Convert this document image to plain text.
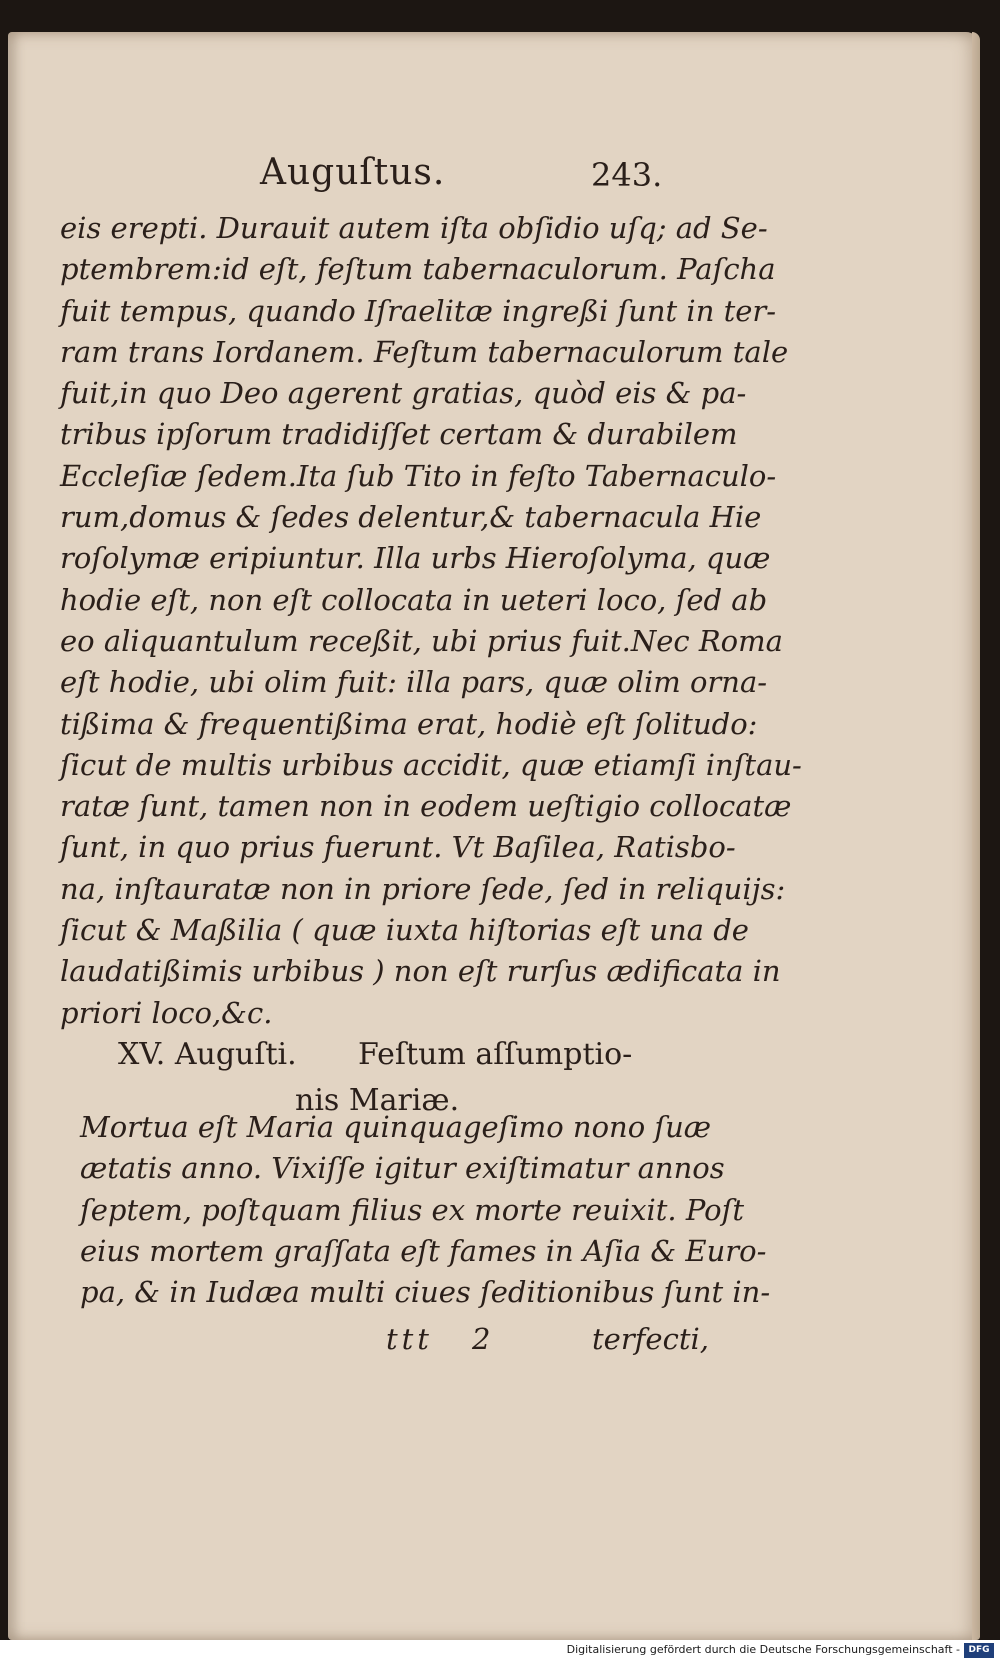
Auguſtus.	243.
eis erepti. Durauit autem iſta obſidio uſq; ad Se-
ptembrem:id eſt, feſtum tabernaculorum. Paſcha
fuit tempus, quando Iſraelitæ ingreßi ſunt in ter-
ram trans Iordanem. Feſtum tabernaculorum tale
fuit,in quo Deo agerent gratias, quòd eis & pa-
tribus ipſorum tradidiſſet certam & durabilem
Eccleſiæ ſedem.Ita ſub Tito in feſto Tabernaculo-
rum,domus & ſedes delentur,& tabernacula Hie
roſolymæ eripiuntur. Illa urbs Hieroſolyma, quæ
hodie eſt, non eſt collocata in ueteri loco, ſed ab
eo aliquantulum receßit, ubi prius fuit.Nec Roma
eſt hodie, ubi olim fuit: illa pars, quæ olim orna-
tißima & frequentißima erat, hodiè eſt ſolitudo:
ſicut de multis urbibus accidit, quæ etiamſi inſtau-
ratæ ſunt, tamen non in eodem ueſtigio collocatæ
ſunt, in quo prius fuerunt. Vt Baſilea, Ratisbo-
na, inſtauratæ non in priore ſede, ſed in reliquijs:
ſicut & Maßilia ( quæ iuxta hiſtorias eſt una de
laudatißimis urbibus ) non eſt rurſus ædificata in
priori loco,&c.
XV. Auguſti. Feſtum aſſumptio-
nis Mariæ.
Mortua eſt Maria quinquageſimo nono ſuæ
ætatis anno. Vixiſſe igitur exiſtimatur annos
ſeptem, poſtquam filius ex morte reuixit. Poſt
eius mortem graſſata eſt fames in Aſia & Euro-
pa, & in Iudæa multi ciues ſeditionibus ſunt in-
ttt 2	terfecti,
Digitalisierung gefördert durch die Deutsche Forschungsgemeinschaft - DFG
